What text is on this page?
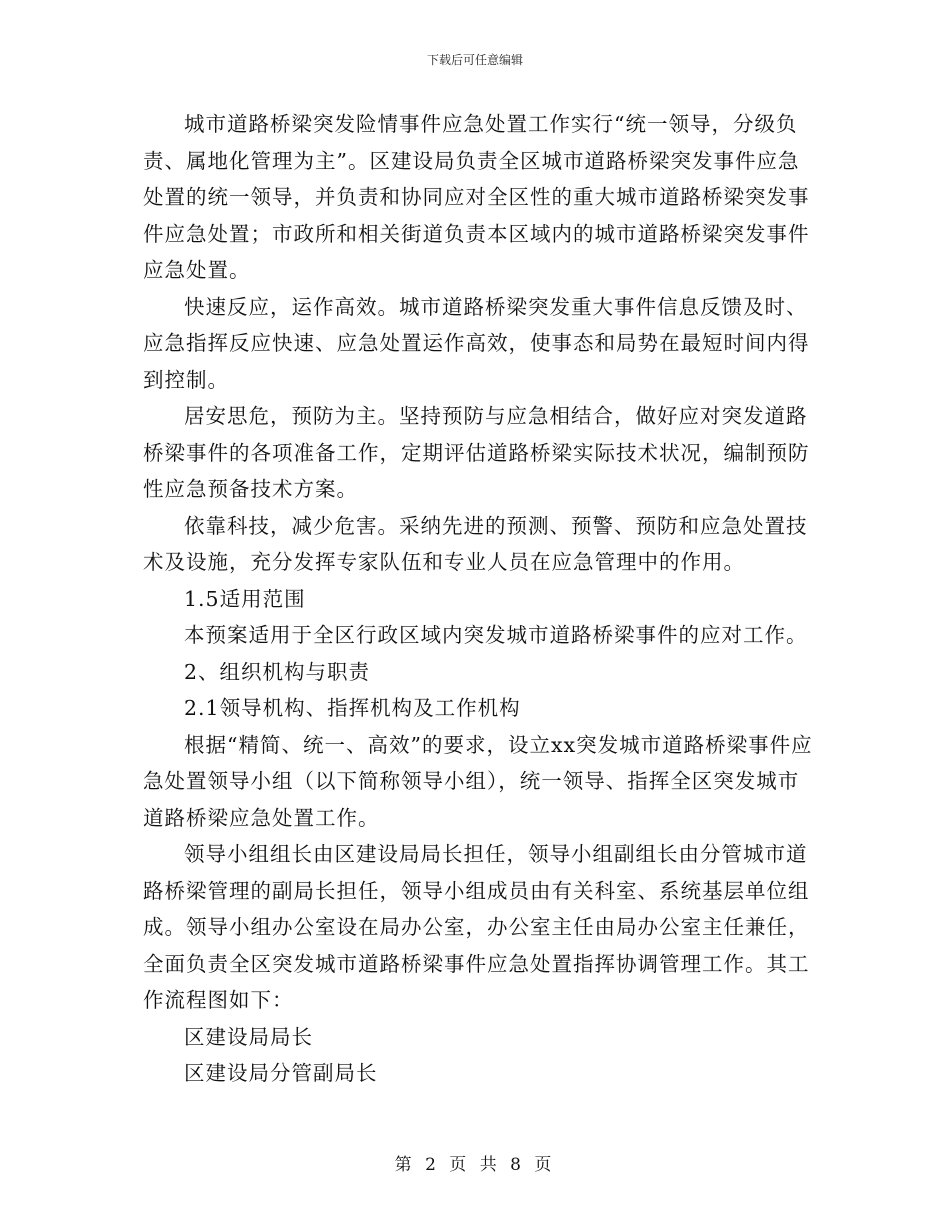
下载后可任意编辑

城市道路桥梁突发险情事件应急处置工作实行“统一领导，分级负责、属地化管理为主”。区建设局负责全区城市道路桥梁突发事件应急处置的统一领导，并负责和协同应对全区性的重大城市道路桥梁突发事件应急处置；市政所和相关街道负责本区域内的城市道路桥梁突发事件应急处置。

快速反应，运作高效。城市道路桥梁突发重大事件信息反馈及时、应急指挥反应快速、应急处置运作高效，使事态和局势在最短时间内得到控制。

居安思危，预防为主。坚持预防与应急相结合，做好应对突发道路桥梁事件的各项准备工作，定期评估道路桥梁实际技术状况，编制预防性应急预备技术方案。

依靠科技，减少危害。采纳先进的预测、预警、预防和应急处置技术及设施，充分发挥专家队伍和专业人员在应急管理中的作用。

1.5适用范围

本预案适用于全区行政区域内突发城市道路桥梁事件的应对工作。

2、组织机构与职责

2.1领导机构、指挥机构及工作机构

根据“精简、统一、高效”的要求，设立xx突发城市道路桥梁事件应急处置领导小组（以下简称领导小组），统一领导、指挥全区突发城市道路桥梁应急处置工作。

领导小组组长由区建设局局长担任，领导小组副组长由分管城市道路桥梁管理的副局长担任，领导小组成员由有关科室、系统基层单位组成。领导小组办公室设在局办公室，办公室主任由局办公室主任兼任，全面负责全区突发城市道路桥梁事件应急处置指挥协调管理工作。其工作流程图如下：

区建设局局长

区建设局分管副局长

第 2 页 共 8 页
